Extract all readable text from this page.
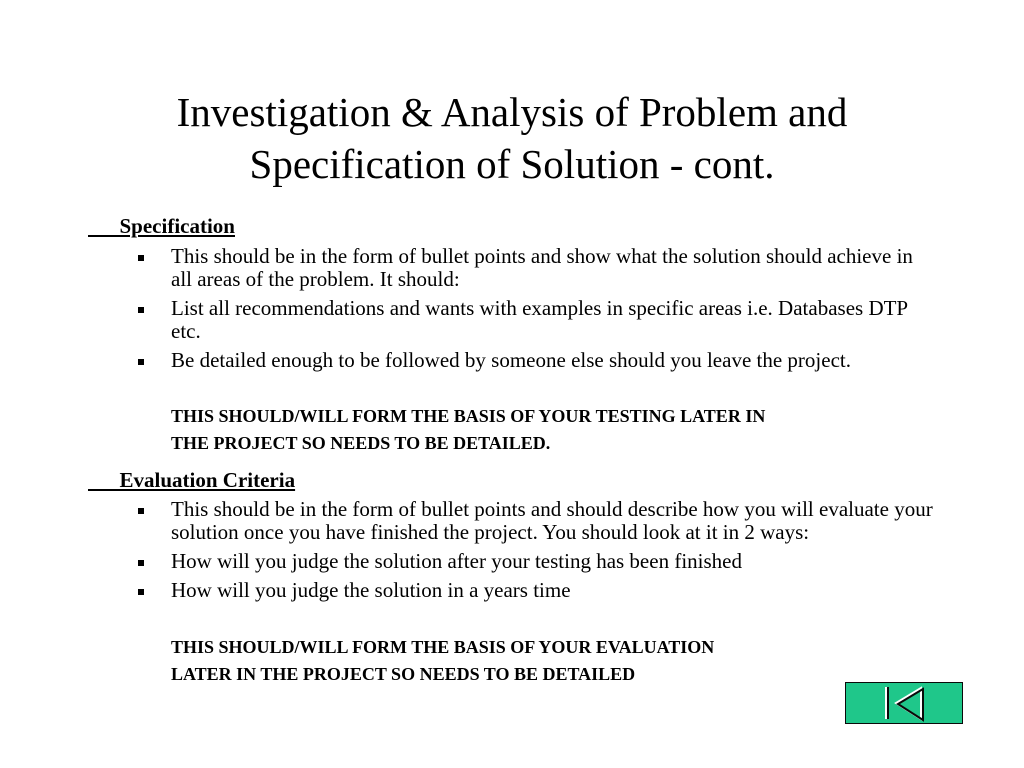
Investigation & Analysis of Problem and
Specification of Solution - cont.
Specification
This should be in the form of bullet points and show what the solution should achieve in all areas of the problem. It should:
List all recommendations and wants with examples in specific areas i.e. Databases DTP etc.
Be detailed enough to be followed by someone else should you leave the project.
THIS SHOULD/WILL FORM THE BASIS OF YOUR TESTING LATER IN
THE PROJECT SO NEEDS TO BE DETAILED.
Evaluation Criteria
This should be in the form of bullet points and should describe how you will evaluate your solution once you have finished the project. You should look at it in 2 ways:
How will you judge the solution after your testing has been finished
How will you judge the solution in a years time
THIS SHOULD/WILL FORM THE BASIS OF YOUR EVALUATION
LATER IN THE PROJECT SO NEEDS TO BE DETAILED
